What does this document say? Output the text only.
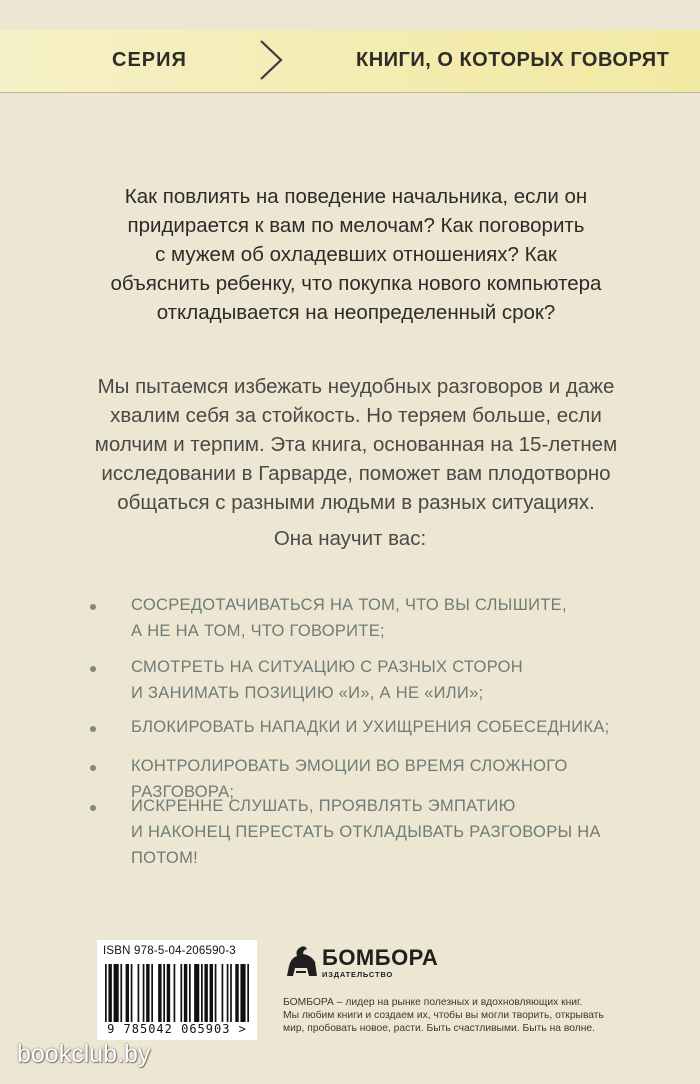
СЕРИЯ	КНИГИ, О КОТОРЫХ ГОВОРЯТ
Как повлиять на поведение начальника, если он
придирается к вам по мелочам? Как поговорить
с мужем об охладевших отношениях? Как
объяснить ребенку, что покупка нового компьютера
откладывается на неопределенный срок?
Мы пытаемся избежать неудобных разговоров и даже
хвалим себя за стойкость. Но теряем больше, если
молчим и терпим. Эта книга, основанная на 15-летнем
исследовании в Гарварде, поможет вам плодотворно
общаться с разными людьми в разных ситуациях.
Она научит вас:
СОСРЕДОТАЧИВАТЬСЯ НА ТОМ, ЧТО ВЫ СЛЫШИТЕ,
А НЕ НА ТОМ, ЧТО ГОВОРИТЕ;
СМОТРЕТЬ НА СИТУАЦИЮ С РАЗНЫХ СТОРОН
И ЗАНИМАТЬ ПОЗИЦИЮ «И», А НЕ «ИЛИ»;
БЛОКИРОВАТЬ НАПАДКИ И УХИЩРЕНИЯ СОБЕСЕДНИКА;
КОНТРОЛИРОВАТЬ ЭМОЦИИ ВО ВРЕМЯ СЛОЖНОГО РАЗГОВОРА;
ИСКРЕННЕ СЛУШАТЬ, ПРОЯВЛЯТЬ ЭМПАТИЮ
И НАКОНЕЦ ПЕРЕСТАТЬ ОТКЛАДЫВАТЬ РАЗГОВОРЫ НА ПОТОМ!
ISBN 978-5-04-206590-3
9 785042 065903 >
БОМБОРА
ИЗДАТЕЛЬСТВО
БОМБОРА – лидер на рынке полезных и вдохновляющих книг.
Мы любим книги и создаем их, чтобы вы могли творить, открывать
мир, пробовать новое, расти. Быть счастливыми. Быть на волне.
bookclub.by
